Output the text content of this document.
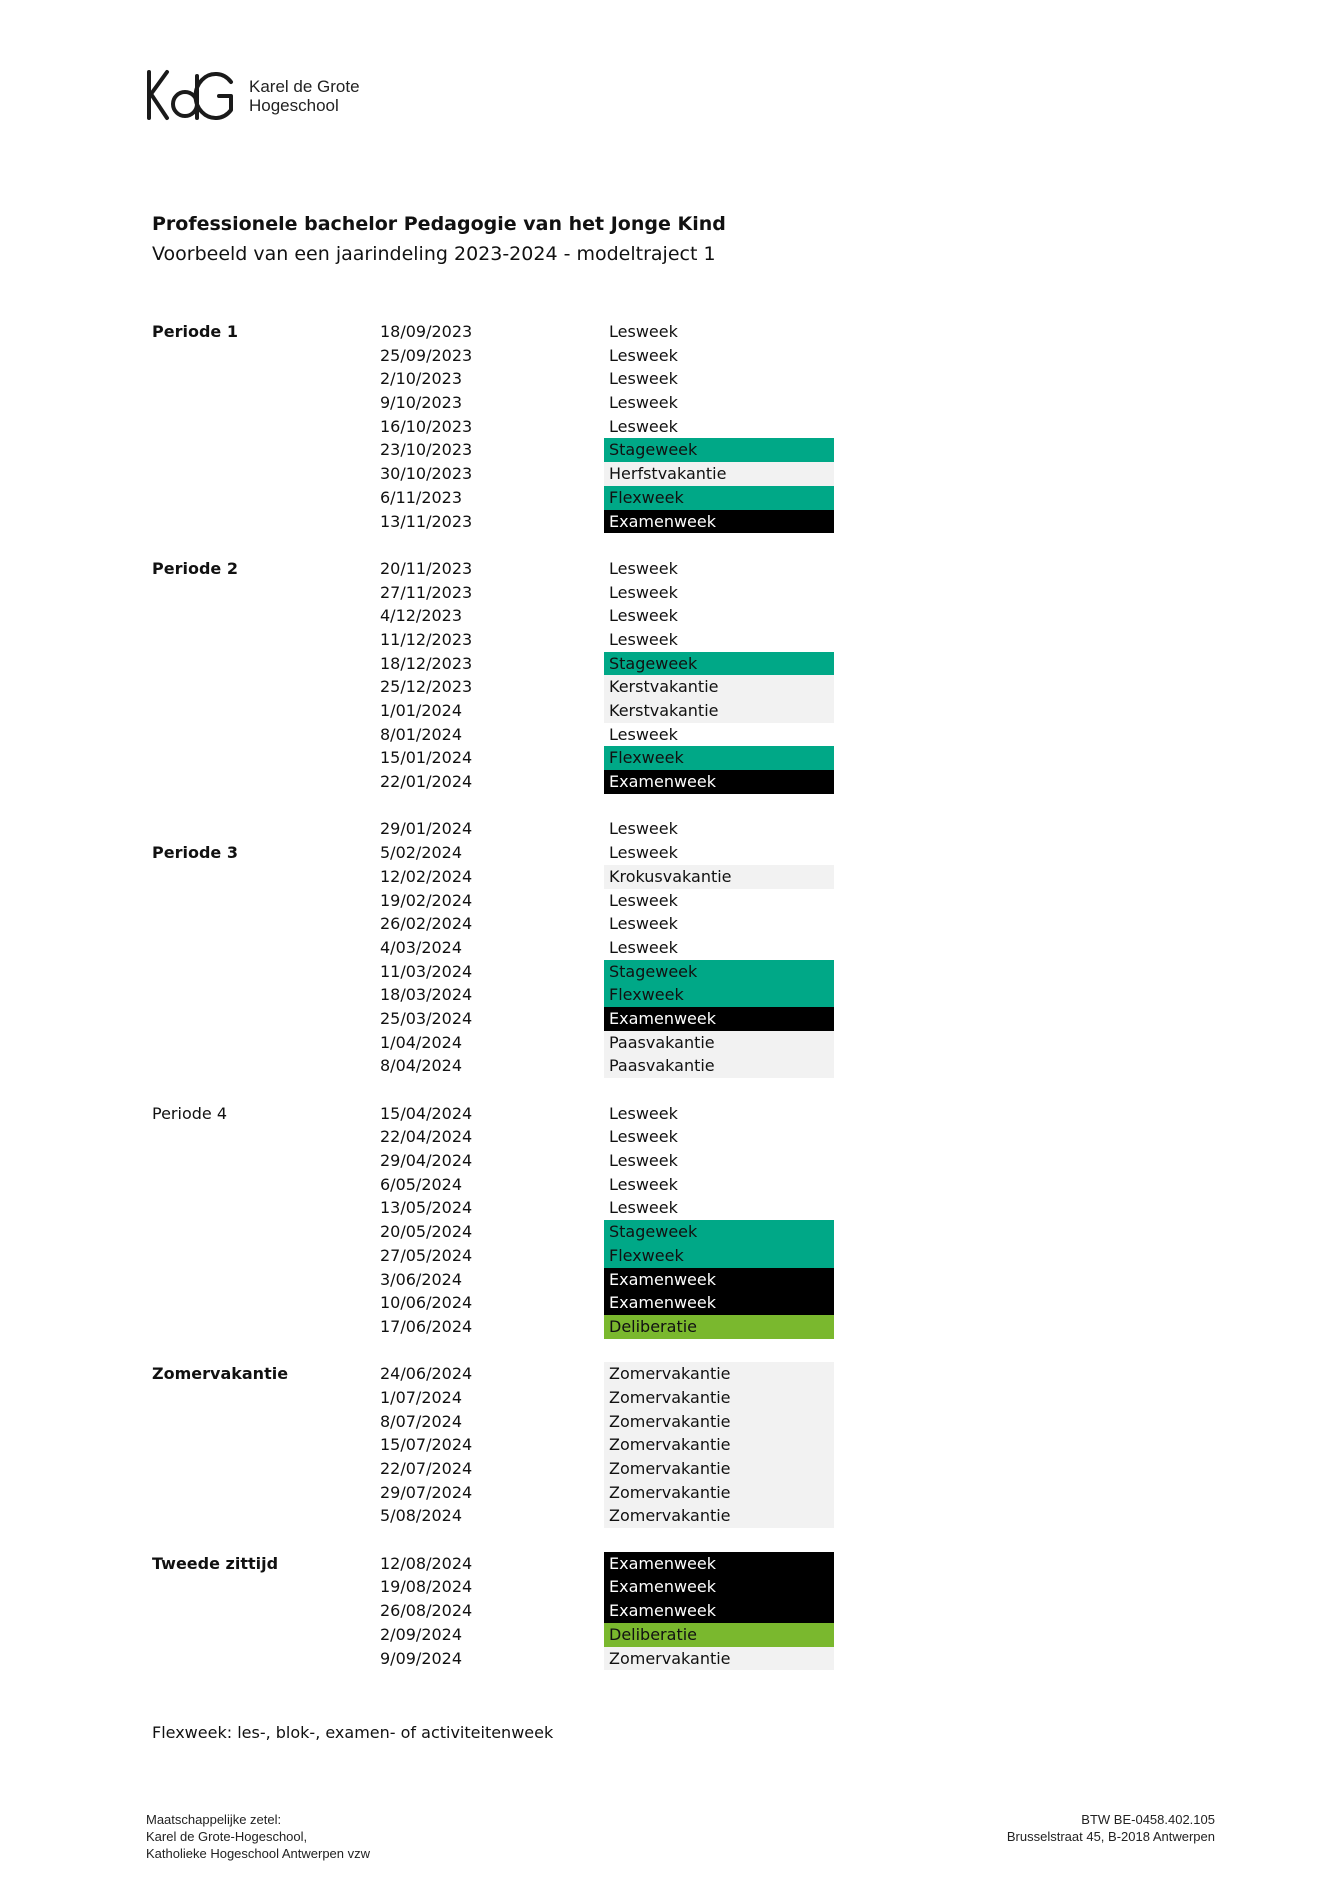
Karel de Grote
Hogeschool
Professionele bachelor Pedagogie van het Jonge Kind
Voorbeeld van een jaarindeling 2023-2024 - modeltraject 1
Periode 1	18/09/2023	Lesweek
25/09/2023	Lesweek
2/10/2023	Lesweek
9/10/2023	Lesweek
16/10/2023	Lesweek
23/10/2023	Stageweek
30/10/2023	Herfstvakantie
6/11/2023	Flexweek
13/11/2023	Examenweek
Periode 2	20/11/2023	Lesweek
27/11/2023	Lesweek
4/12/2023	Lesweek
11/12/2023	Lesweek
18/12/2023	Stageweek
25/12/2023	Kerstvakantie
1/01/2024	Kerstvakantie
8/01/2024	Lesweek
15/01/2024	Flexweek
22/01/2024	Examenweek
29/01/2024	Lesweek
Periode 3	5/02/2024	Lesweek
12/02/2024	Krokusvakantie
19/02/2024	Lesweek
26/02/2024	Lesweek
4/03/2024	Lesweek
11/03/2024	Stageweek
18/03/2024	Flexweek
25/03/2024	Examenweek
1/04/2024	Paasvakantie
8/04/2024	Paasvakantie
Periode 4	15/04/2024	Lesweek
22/04/2024	Lesweek
29/04/2024	Lesweek
6/05/2024	Lesweek
13/05/2024	Lesweek
20/05/2024	Stageweek
27/05/2024	Flexweek
3/06/2024	Examenweek
10/06/2024	Examenweek
17/06/2024	Deliberatie
Zomervakantie	24/06/2024	Zomervakantie
1/07/2024	Zomervakantie
8/07/2024	Zomervakantie
15/07/2024	Zomervakantie
22/07/2024	Zomervakantie
29/07/2024	Zomervakantie
5/08/2024	Zomervakantie
Tweede zittijd	12/08/2024	Examenweek
19/08/2024	Examenweek
26/08/2024	Examenweek
2/09/2024	Deliberatie
9/09/2024	Zomervakantie
Flexweek: les-, blok-, examen- of activiteitenweek
Maatschappelijke zetel:
Karel de Grote-Hogeschool,
Katholieke Hogeschool Antwerpen vzw
BTW BE-0458.402.105
Brusselstraat 45, B-2018 Antwerpen
